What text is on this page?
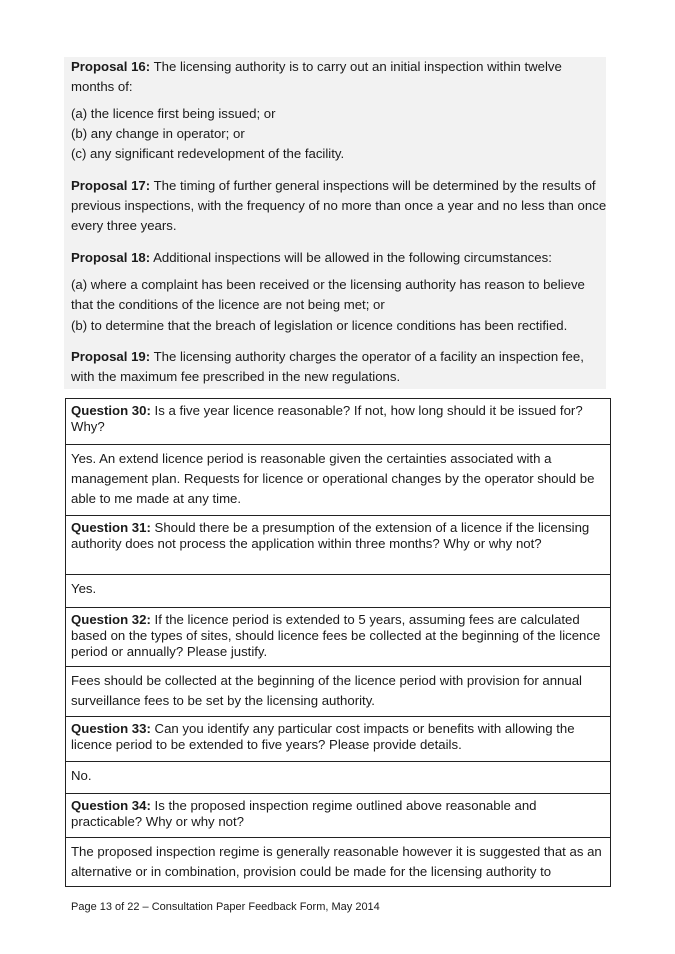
Proposal 16: The licensing authority is to carry out an initial inspection within twelve months of:

(a) the licence first being issued; or

(b) any change in operator; or

(c) any significant redevelopment of the facility.

Proposal 17: The timing of further general inspections will be determined by the results of previous inspections, with the frequency of no more than once a year and no less than once every three years.

Proposal 18: Additional inspections will be allowed in the following circumstances:

(a) where a complaint has been received or the licensing authority has reason to believe that the conditions of the licence are not being met; or

(b) to determine that the breach of legislation or licence conditions has been rectified.

Proposal 19: The licensing authority charges the operator of a facility an inspection fee, with the maximum fee prescribed in the new regulations.

Question 30: Is a five year licence reasonable? If not, how long should it be issued for? Why?
Yes. An extend licence period is reasonable given the certainties associated with a management plan. Requests for licence or operational changes by the operator should be able to me made at any time.
Question 31: Should there be a presumption of the extension of a licence if the licensing authority does not process the application within three months? Why or why not?
Yes.
Question 32: If the licence period is extended to 5 years, assuming fees are calculated based on the types of sites, should licence fees be collected at the beginning of the licence period or annually? Please justify.
Fees should be collected at the beginning of the licence period with provision for annual surveillance fees to be set by the licensing authority.
Question 33: Can you identify any particular cost impacts or benefits with allowing the licence period to be extended to five years? Please provide details.
No.
Question 34: Is the proposed inspection regime outlined above reasonable and practicable? Why or why not?
The proposed inspection regime is generally reasonable however it is suggested that as an alternative or in combination, provision could be made for the licensing authority to
Page 13 of 22 – Consultation Paper Feedback Form, May 2014
